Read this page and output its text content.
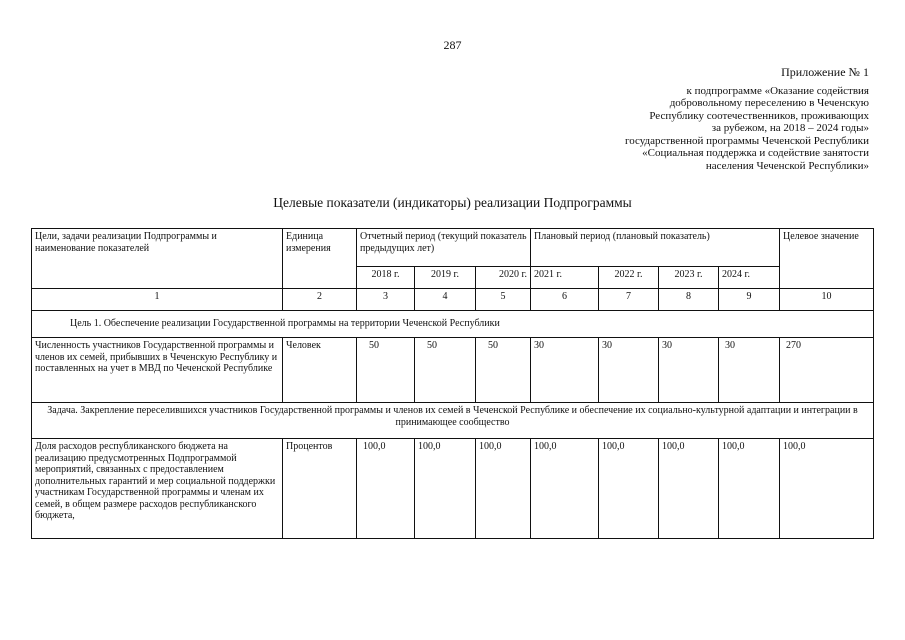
287
Приложение № 1
к подпрограмме «Оказание содействия
добровольному переселению в Чеченскую
Республику соотечественников, проживающих
за рубежом, на 2018 – 2024 годы»
государственной программы Чеченской Республики
«Социальная поддержка и содействие занятости
населения Чеченской Республики»
Целевые показатели (индикаторы) реализации Подпрограммы
Цели, задачи реализации Подпрограммы и наименование показателей	Единица измерения	Отчетный период (текущий показатель предыдущих лет)			Плановый период (плановый показатель)				Целевое значение
		2018 г.	2019 г.	2020 г.	2021 г.	2022 г.	2023 г.	2024 г.	
1	2	3	4	5	6	7	8	9	10
Цель 1. Обеспечение реализации Государственной программы на территории Чеченской Республики									
Численность участников Государственной программы и членов их семей, прибывших в Чеченскую Республику и поставленных на учет в МВД по Чеченской Республике	Человек	50	50	50	30	30	30	30	270
Задача. Закрепление переселившихся участников Государственной программы и членов их семей в Чеченской Республике и обеспечение их социально-культурной адаптации и интеграции в принимающее сообщество									
Доля расходов республиканского бюджета на реализацию предусмотренных Подпрограммой мероприятий, связанных с предоставлением дополнительных гарантий и мер социальной поддержки участникам Государственной программы и членам их семей, в общем размере расходов республиканского бюджета,	Процентов	100,0	100,0	100,0	100,0	100,0	100,0	100,0	100,0
